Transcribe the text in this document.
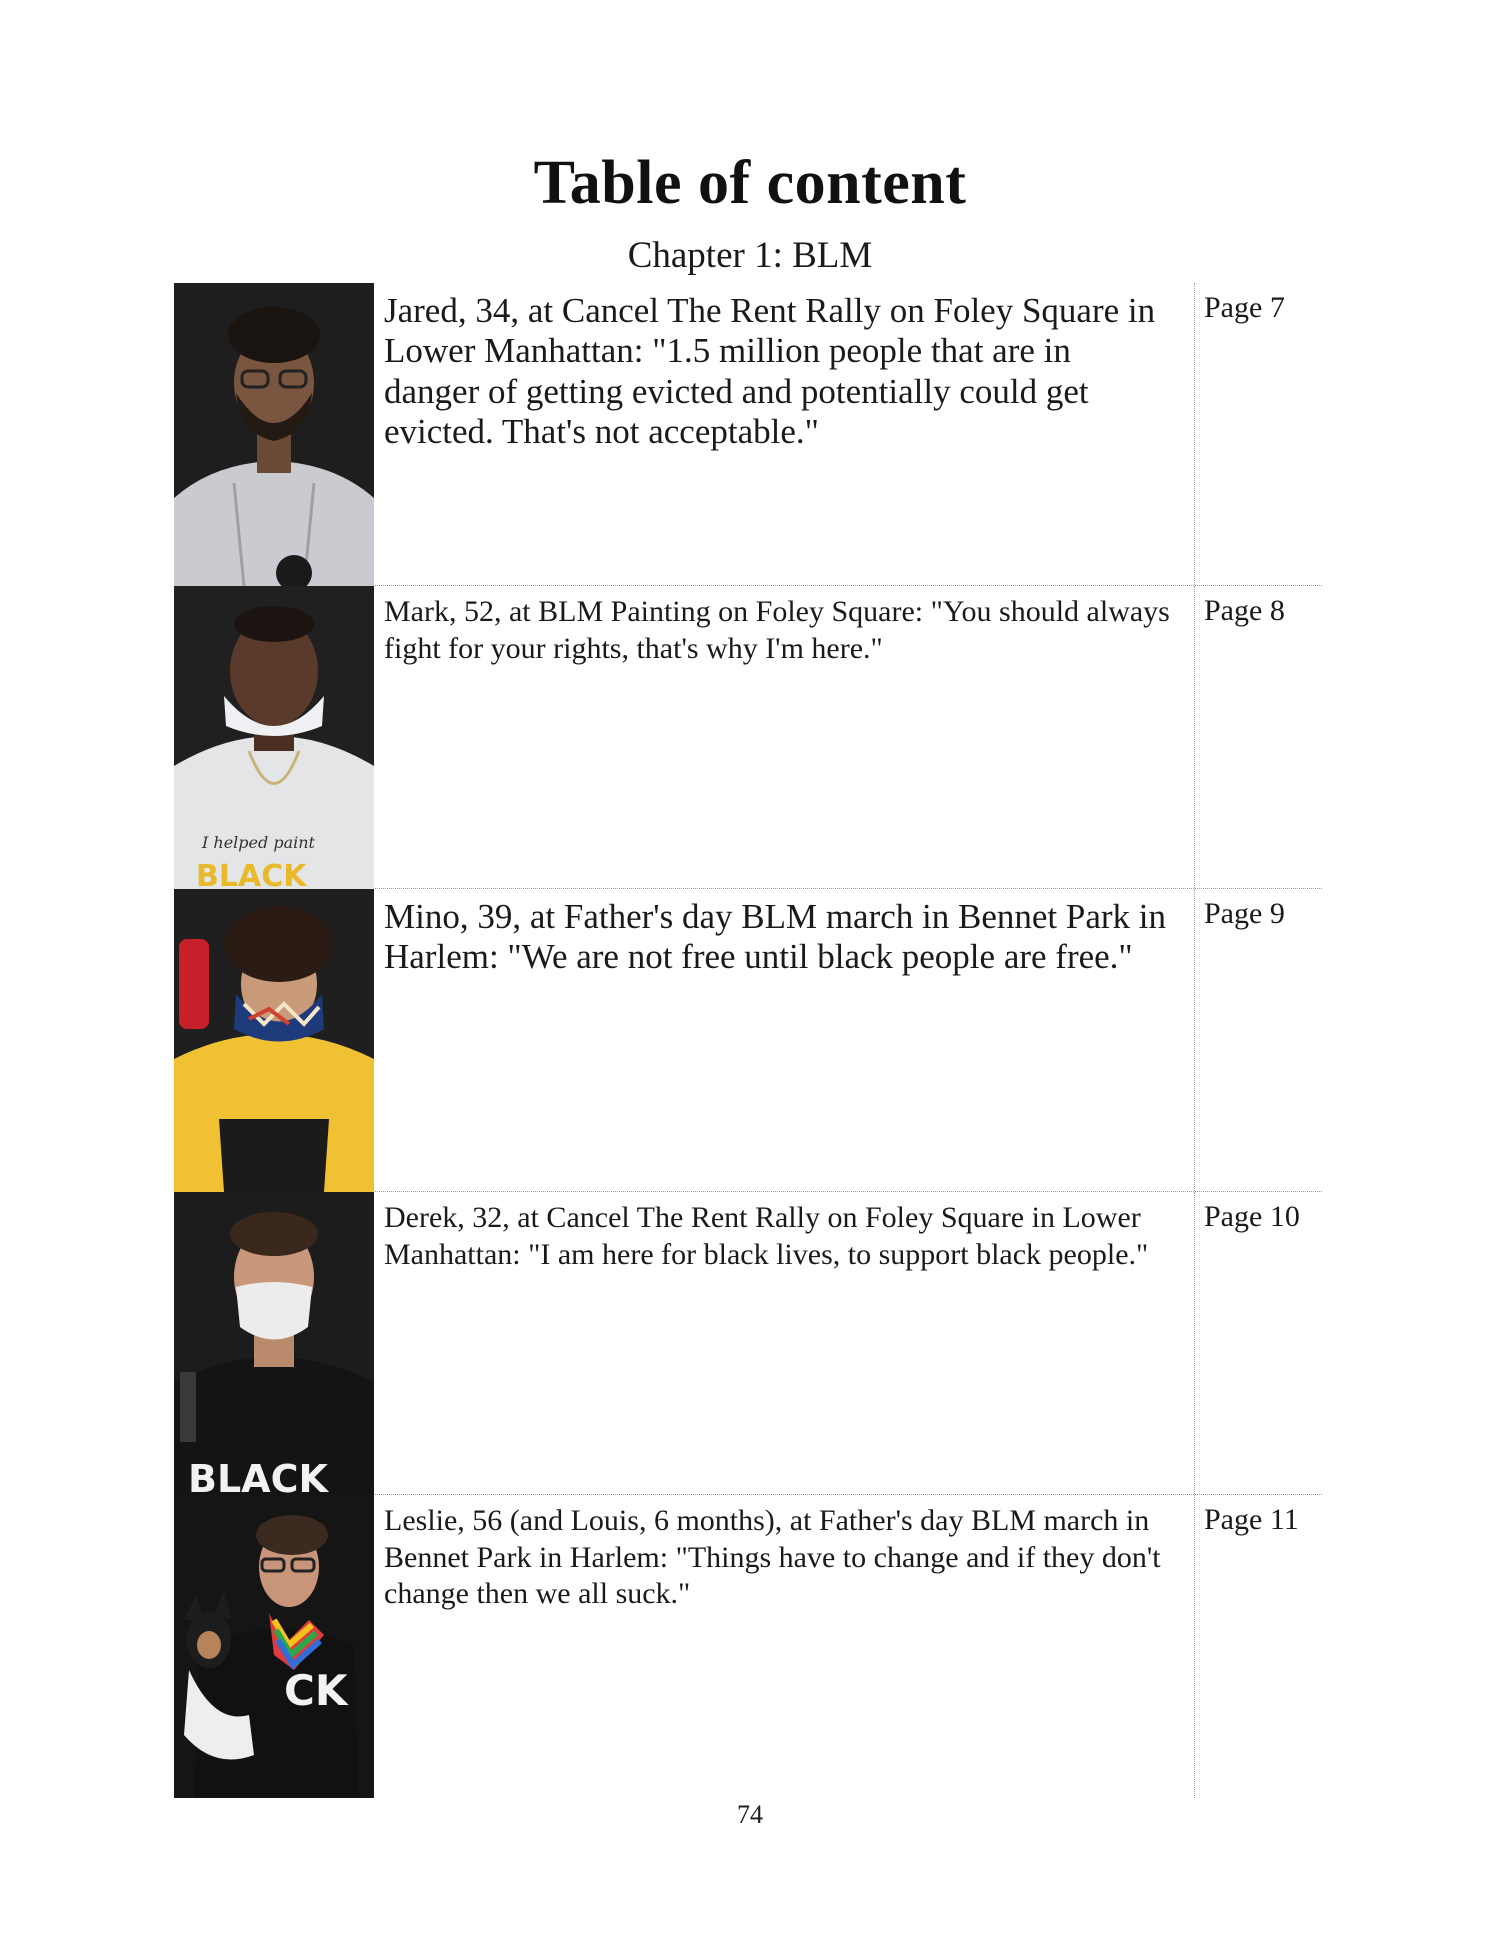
Table of content
Chapter 1: BLM
Jared, 34, at Cancel The Rent Rally on Foley Square in Lower Manhattan: "1.5 million people that are in danger of getting evicted and potentially could get evicted. That's not acceptable."
Page 7
I helped paint
BLACK
Mark, 52, at BLM Painting on Foley Square: "You should always fight for your rights, that's why I'm here."
Page 8
Mino, 39, at Father's day BLM march in Bennet Park in Harlem: "We are not free until black people are free."
Page 9
BLACK
Derek, 32, at Cancel The Rent Rally on Foley Square in Lower Manhattan: "I am here for black lives, to support black people."
Page 10
CK
Leslie, 56 (and Louis, 6 months), at Father's day BLM march in Bennet Park in Harlem: "Things have to change and if they don't change then we all suck."
Page 11
74
